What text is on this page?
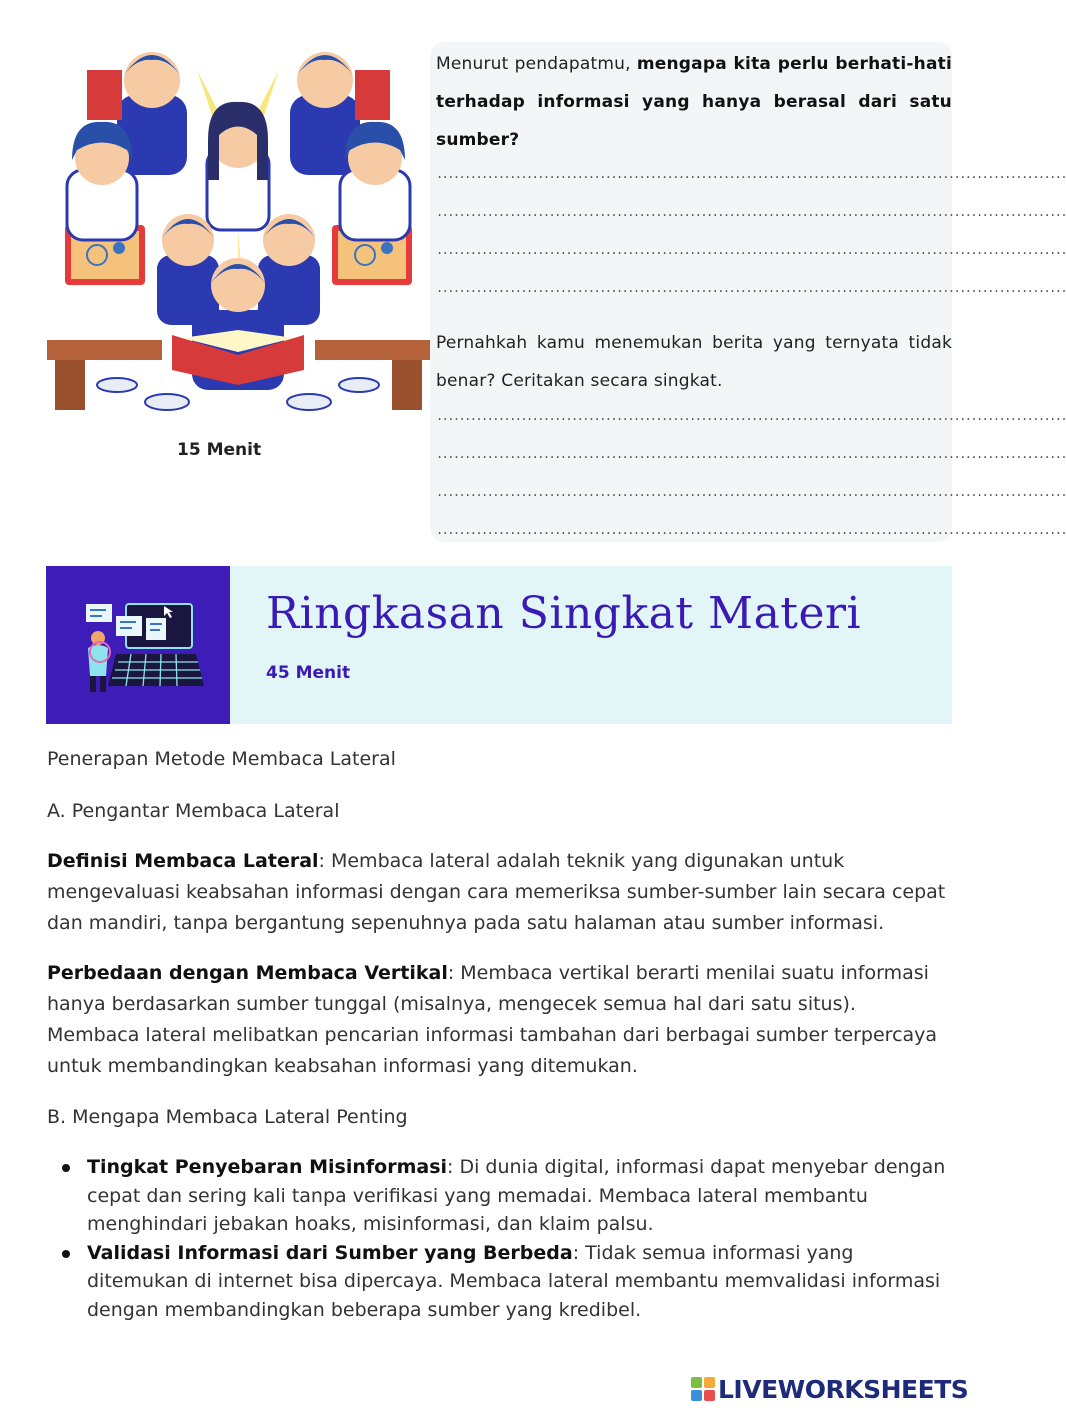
15 Menit
Menurut pendapatmu, mengapa kita perlu berhati-hati terhadap informasi yang hanya berasal dari satu sumber?
................................................................................................................
................................................................................................................
................................................................................................................
................................................................................................................
Pernahkah kamu menemukan berita yang ternyata tidak benar? Ceritakan secara singkat.
................................................................................................................
................................................................................................................
................................................................................................................
................................................................................................................
Ringkasan Singkat Materi
45 Menit
Penerapan Metode Membaca Lateral
A. Pengantar Membaca Lateral
Definisi Membaca Lateral: Membaca lateral adalah teknik yang digunakan untuk mengevaluasi keabsahan informasi dengan cara memeriksa sumber-sumber lain secara cepat dan mandiri, tanpa bergantung sepenuhnya pada satu halaman atau sumber informasi.
Perbedaan dengan Membaca Vertikal: Membaca vertikal berarti menilai suatu informasi hanya berdasarkan sumber tunggal (misalnya, mengecek semua hal dari satu situs). Membaca lateral melibatkan pencarian informasi tambahan dari berbagai sumber terpercaya untuk membandingkan keabsahan informasi yang ditemukan.
B. Mengapa Membaca Lateral Penting
Tingkat Penyebaran Misinformasi: Di dunia digital, informasi dapat menyebar dengan cepat dan sering kali tanpa verifikasi yang memadai. Membaca lateral membantu menghindari jebakan hoaks, misinformasi, dan klaim palsu.
Validasi Informasi dari Sumber yang Berbeda: Tidak semua informasi yang ditemukan di internet bisa dipercaya. Membaca lateral membantu memvalidasi informasi dengan membandingkan beberapa sumber yang kredibel.
LIVEWORKSHEETS
